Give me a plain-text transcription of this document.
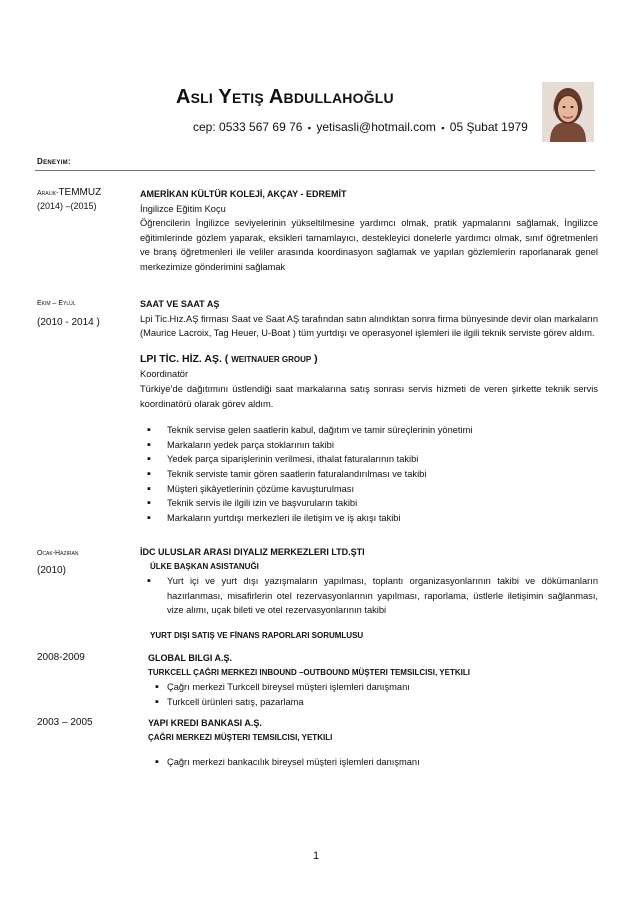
Aslı Yetiş Abdullahoğlu
cep: 0533 567 69 76 ▪ yetisasli@hotmail.com ▪ 05 Şubat 1979
Deneyim:
Aralık-TEMMUZ
(2014) –(2015)

AMERİKAN KÜLTÜR KOLEJİ, AKÇAY - EDREMİT

İngilizce Eğitim Koçu

Öğrencilerin İngilizce seviyelerinin yükseltilmesine yardımcı olmak, pratik yapmalarını sağlamak, İngilizce eğitimlerinde gözlem yaparak, eksikleri tamamlayıcı, destekleyici donelerle yardımcı olmak, sınıf öğretmenleri ve branş öğretmenleri ile veliler arasında koordinasyon sağlamak ve yapılan gözlemlerin raporlanarak genel merkezimize gönderimini sağlamak

Ekim – Eylül
(2010 - 2014 )

SAAT VE SAAT AŞ

Lpi Tic.Hız.AŞ firması Saat ve Saat AŞ tarafından satın alındıktan sonra firma bünyesinde devir olan markaların (Maurice Lacroix, Tag Heuer, U-Boat ) tüm yurtdışı ve operasyonel işlemleri ile ilgili teknik serviste görev aldım.

LPI TİC. HİZ. AŞ. ( WEITNAUER GROUP )

Koordinatör

Türkiye’de dağıtımını üstlendiği saat markalarına satış sonrası servis hizmeti de veren şirkette teknik servis koordinatörü olarak görev aldım.

▪ Teknik servise gelen saatlerin kabul, dağıtım ve tamir süreçlerinin yönetimi
▪ Markaların yedek parça stoklarının takibi
▪ Yedek parça siparişlerinin verilmesi, ithalat faturalarının takibi
▪ Teknik serviste tamir gören saatlerin faturalandırılması ve takibi
▪ Müşteri şikâyetlerinin çözüme kavuşturulması
▪ Teknik servis ile ilgili izin ve başvuruların takibi
▪ Markaların yurtdışı merkezleri ile iletişim ve iş akışı takibi
Ocak-Haziran
(2010)

İDC ULUSLAR ARASI DIYALIZ MERKEZLERI LTD.ŞTI

ÜLKE BAŞKAN ASISTANUĞI

▪ Yurt içi ve yurt dışı yazışmaların yapılması, toplantı organizasyonlarının takibi ve dökümanların hazırlanması, misafirlerin otel rezervasyonlarının yapılması, raporlama, üstlerle iletişimin sağlanması, vize alımı, uçak bileti ve otel rezervasyonlarının takibi

YURT DIŞI SATIŞ VE FİNANS RAPORLARI SORUMLUSU

2008-2009	GLOBAL BILGI A.Ş.

TURKCELL ÇAĞRI MERKEZI INBOUND –OUTBOUND MÜŞTERI TEMSILCISI, YETKILI

▪ Çağrı merkezi Turkcell bireysel müşteri işlemleri danışmanı
▪ Turkcell ürünleri satış, pazarlama
2003 – 2005	YAPI KREDI BANKASI A.Ş.

ÇAĞRI MERKEZI MÜŞTERI TEMSILCISI, YETKILI

▪ Çağrı merkezi bankacılık bireysel müşteri işlemleri danışmanı
1
